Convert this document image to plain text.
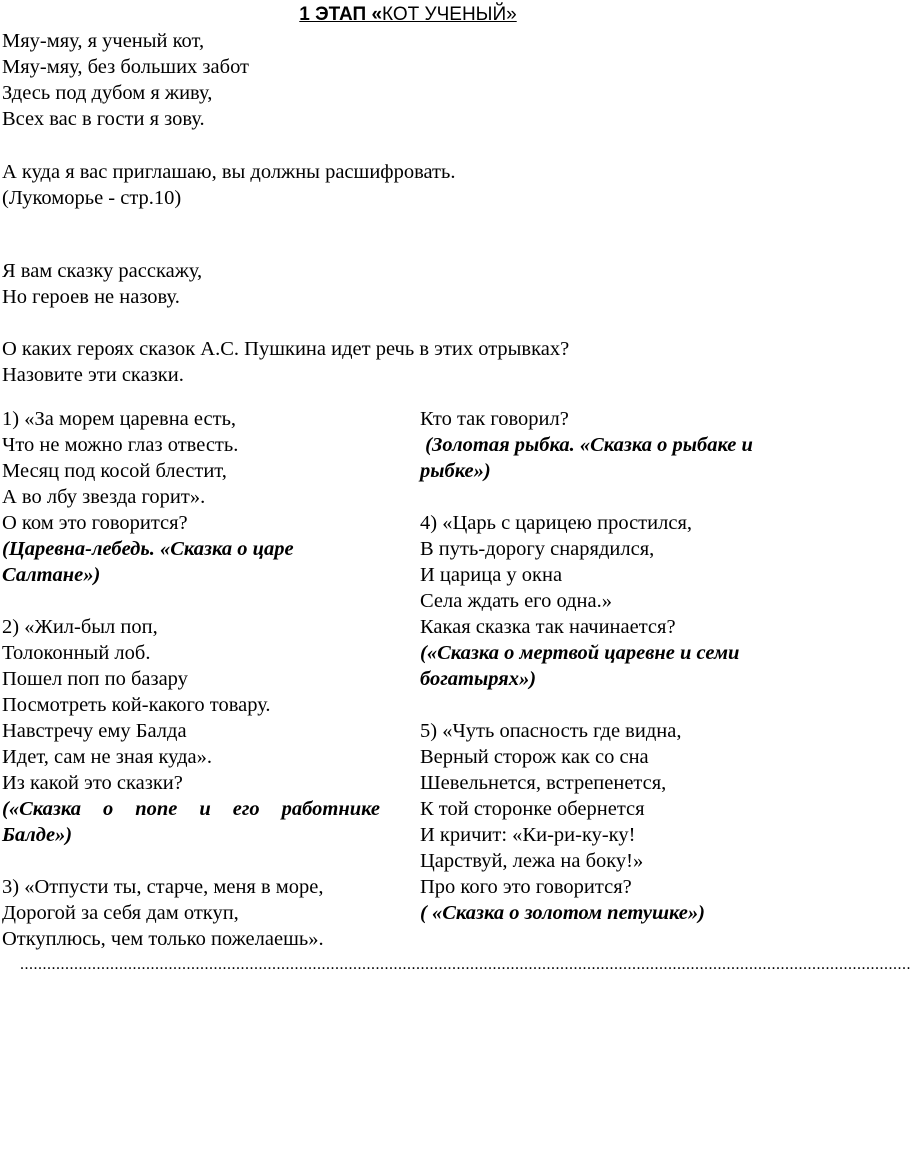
1 ЭТАП «КОТ УЧЕНЫЙ»
Мяу-мяу, я ученый кот,
Мяу-мяу, без больших забот
Здесь под дубом я живу,
Всех вас в гости я зову.
А куда я вас приглашаю, вы должны расшифровать.
(Лукоморье - стр.10)
Я вам сказку расскажу,
Но героев не назову.
О каких героях сказок А.С. Пушкина идет речь в этих отрывках?
Назовите эти сказки.
1) «За морем царевна есть,
Что не можно глаз отвесть.
Месяц под косой блестит,
А во лбу звезда горит».
О ком это говорится?
(Царевна-лебедь. «Сказка о царе
Салтане»)
2) «Жил-был поп,
Толоконный лоб.
Пошел поп по базару
Посмотреть кой-какого товару.
Навстречу ему Балда
Идет, сам не зная куда».
Из какой это сказки?
(«Сказка о попе и его работнике
Балде»)
3) «Отпусти ты, старче, меня в море,
Дорогой за себя дам откуп,
Откуплюсь, чем только пожелаешь».
Кто так говорил?
(Золотая рыбка. «Сказка о рыбаке и
рыбке»)
4) «Царь с царицею простился,
В путь-дорогу снарядился,
И царица у окна
Села ждать его одна.»
Какая сказка так начинается?
(«Сказка о мертвой царевне и семи
богатырях»)
5) «Чуть опасность где видна,
Верный сторож как со сна
Шевельнется, встрепенется,
К той сторонке обернется
И кричит: «Ки-ри-ку-ку!
Царствуй, лежа на боку!»
Про кого это говорится?
( «Сказка о золотом петушке»)
......................................................................................................................................................................................................
